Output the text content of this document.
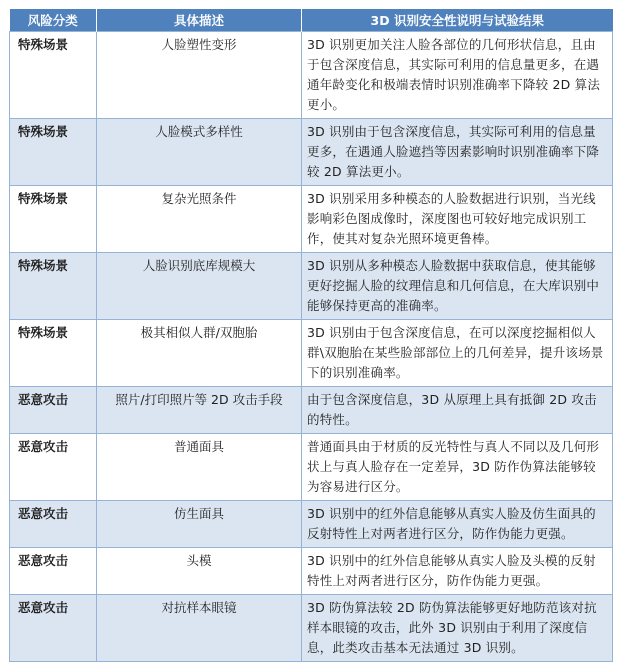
风险分类	具体描述	3D 识别安全性说明与试验结果
特殊场景	人脸塑性变形	3D 识别更加关注人脸各部位的几何形状信息，且由于包含深度信息，其实际可利用的信息量更多，在遇通年龄变化和极端表情时识别准确率下降较 2D 算法更小。
特殊场景	人脸模式多样性	3D 识别由于包含深度信息，其实际可利用的信息量更多，在遇通人脸遮挡等因素影响时识别准确率下降较 2D 算法更小。
特殊场景	复杂光照条件	3D 识别采用多种模态的人脸数据进行识别，当光线影响彩色图成像时，深度图也可较好地完成识别工作，使其对复杂光照环境更鲁棒。
特殊场景	人脸识别底库规模大	3D 识别从多种模态人脸数据中获取信息，使其能够更好挖掘人脸的纹理信息和几何信息，在大库识别中能够保持更高的准确率。
特殊场景	极其相似人群/双胞胎	3D 识别由于包含深度信息，在可以深度挖掘相似人群\双胞胎在某些脸部部位上的几何差异，提升该场景下的识别准确率。
恶意攻击	照片/打印照片等 2D 攻击手段	由于包含深度信息，3D 从原理上具有抵御 2D 攻击的特性。
恶意攻击	普通面具	普通面具由于材质的反光特性与真人不同以及几何形状上与真人脸存在一定差异，3D 防作伪算法能够较为容易进行区分。
恶意攻击	仿生面具	3D 识别中的红外信息能够从真实人脸及仿生面具的反射特性上对两者进行区分，防作伪能力更强。
恶意攻击	头模	3D 识别中的红外信息能够从真实人脸及头模的反射特性上对两者进行区分，防作伪能力更强。
恶意攻击	对抗样本眼镜	3D 防伪算法较 2D 防伪算法能够更好地防范该对抗样本眼镜的攻击，此外 3D 识别由于利用了深度信息，此类攻击基本无法通过 3D 识别。
